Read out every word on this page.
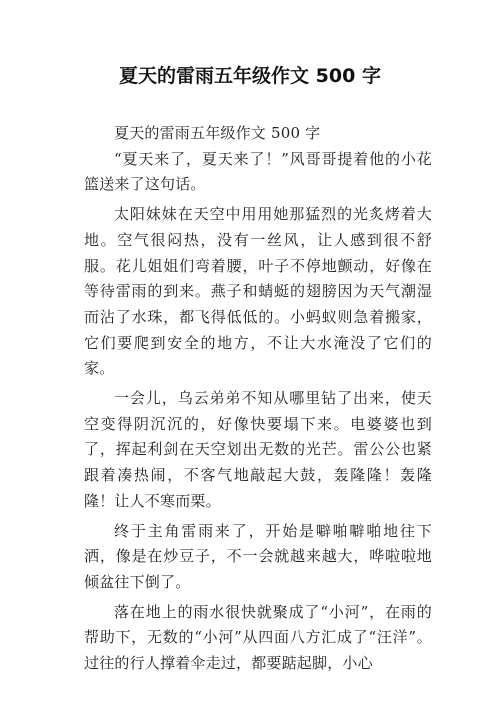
夏天的雷雨五年级作文 500 字

夏天的雷雨五年级作文 500 字

“夏天来了，夏天来了！”风哥哥提着他的小花篮送来了这句话。

太阳妹妹在天空中用用她那猛烈的光炙烤着大地。空气很闷热，没有一丝风，让人感到很不舒服。花儿姐姐们弯着腰，叶子不停地颤动，好像在等待雷雨的到来。燕子和蜻蜓的翅膀因为天气潮湿而沾了水珠，都飞得低低的。小蚂蚁则急着搬家，它们要爬到安全的地方，不让大水淹没了它们的家。

一会儿，乌云弟弟不知从哪里钻了出来，使天空变得阴沉沉的，好像快要塌下来。电婆婆也到了，挥起利剑在天空划出无数的光芒。雷公公也紧跟着凑热闹，不客气地敲起大鼓，轰隆隆！轰隆隆！让人不寒而栗。

终于主角雷雨来了，开始是噼啪噼啪地往下洒，像是在炒豆子，不一会就越来越大，哗啦啦地倾盆往下倒了。

落在地上的雨水很快就聚成了“小河”，在雨的帮助下，无数的“小河”从四面八方汇成了“汪洋”。过往的行人撑着伞走过，都要踮起脚，小心
